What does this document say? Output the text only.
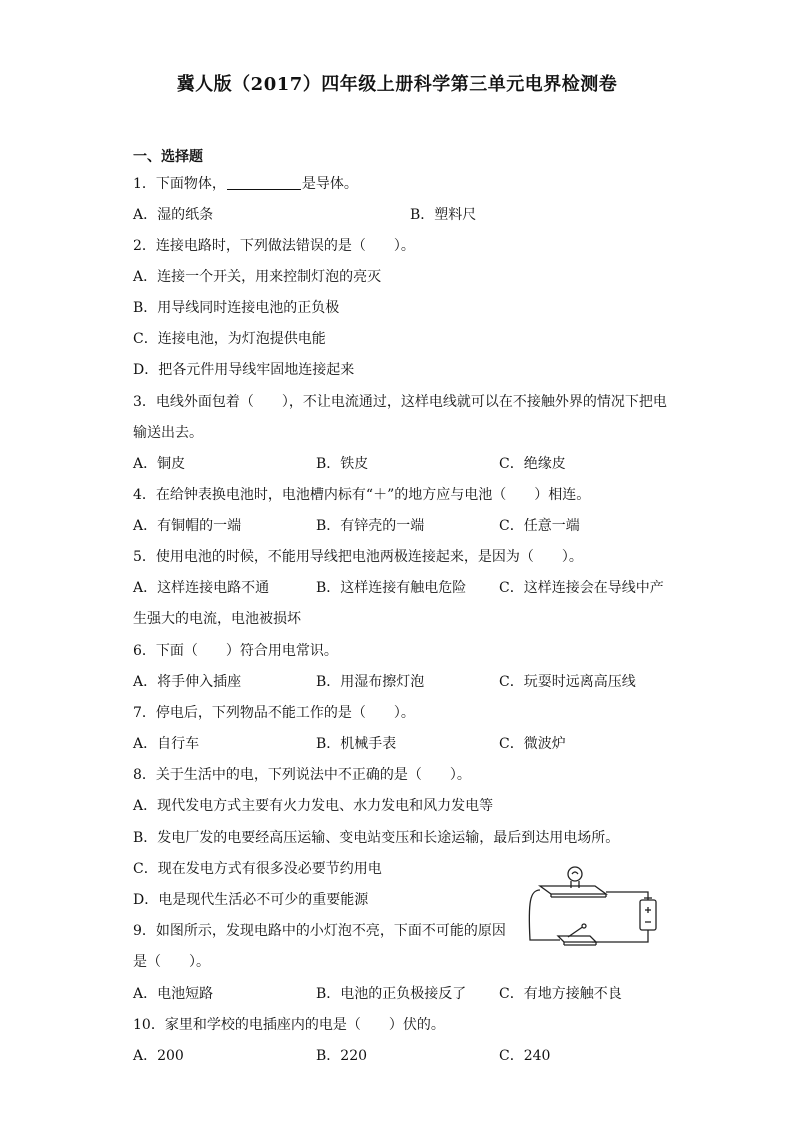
冀人版（2017）四年级上册科学第三单元电界检测卷
一、选择题
1．下面物体，	是导体。
A．湿的纸条	B．塑料尺
2．连接电路时，下列做法错误的是（　　）。
A．连接一个开关，用来控制灯泡的亮灭
B．用导线同时连接电池的正负极
C．连接电池，为灯泡提供电能
D．把各元件用导线牢固地连接起来
3．电线外面包着（　　），不让电流通过，这样电线就可以在不接触外界的情况下把电
输送出去。
A．铜皮	B．铁皮	C．绝缘皮
4．在给钟表换电池时，电池槽内标有“＋”的地方应与电池（　　）相连。
A．有铜帽的一端	B．有锌壳的一端	C．任意一端
5．使用电池的时候，不能用导线把电池两极连接起来，是因为（　　）。
A．这样连接电路不通	B．这样连接有触电危险 C．这样连接会在导线中产
生强大的电流，电池被损坏
6．下面（　　）符合用电常识。
A．将手伸入插座	B．用湿布擦灯泡	C．玩耍时远离高压线
7．停电后，下列物品不能工作的是（　　）。
A．自行车	B．机械手表	C．微波炉
8．关于生活中的电，下列说法中不正确的是（　　）。
A．现代发电方式主要有火力发电、水力发电和风力发电等
B．发电厂发的电要经高压运输、变电站变压和长途运输，最后到达用电场所。
C．现在发电方式有很多没必要节约用电
D．电是现代生活必不可少的重要能源
9．如图所示，发现电路中的小灯泡不亮，下面不可能的原因
是（　　）。
A．电池短路	B．电池的正负极接反了 C．有地方接触不良
10．家里和学校的电插座内的电是（　　）伏的。
A．200	B．220	C．240
